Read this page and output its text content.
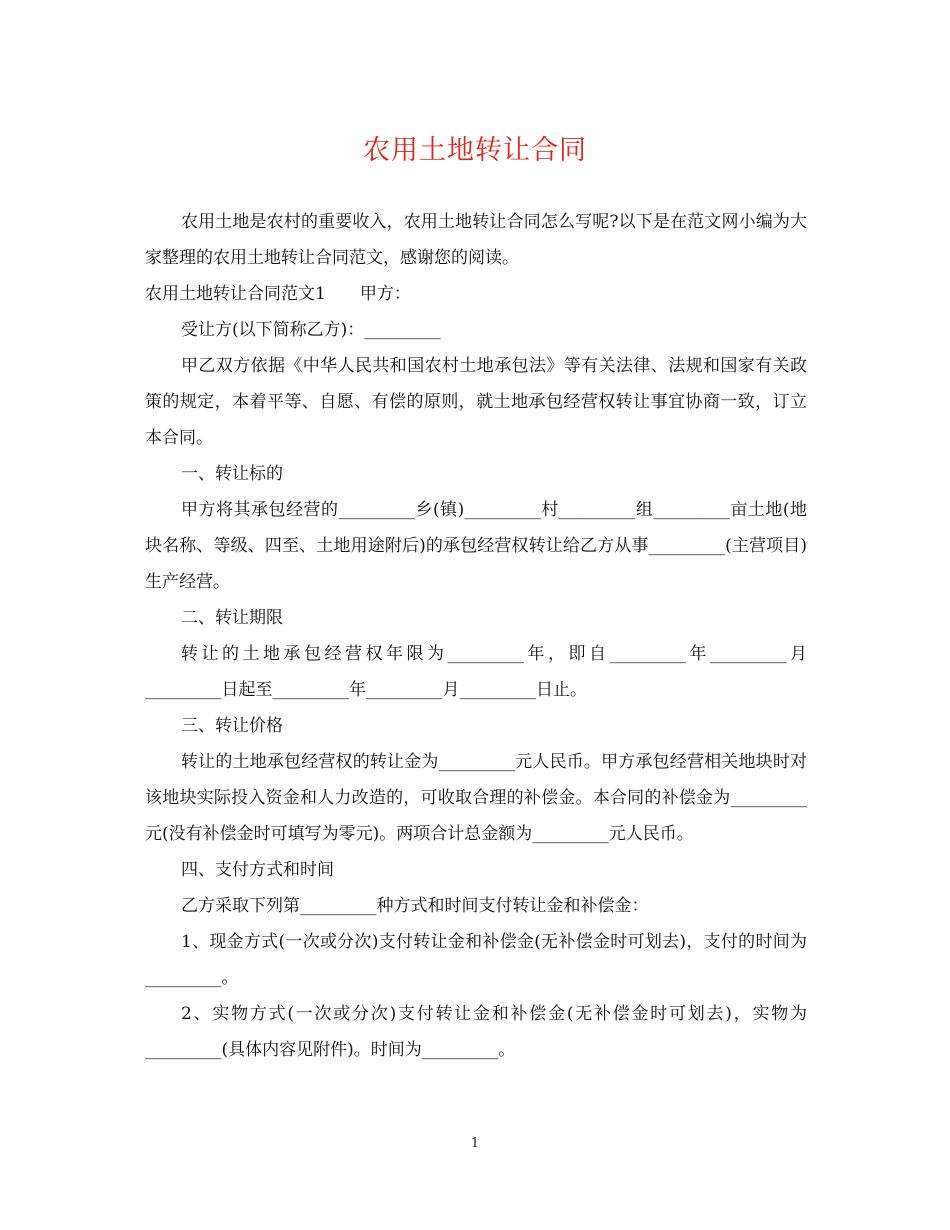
农用土地转让合同

农用土地是农村的重要收入，农用土地转让合同怎么写呢?以下是在范文网小编为大家整理的农用土地转让合同范文，感谢您的阅读。

农用土地转让合同范文1　　甲方：

受让方(以下简称乙方)：_________

甲乙双方依据《中华人民共和国农村土地承包法》等有关法律、法规和国家有关政策的规定，本着平等、自愿、有偿的原则，就土地承包经营权转让事宜协商一致，订立本合同。

一、转让标的

甲方将其承包经营的_________乡(镇)_________村_________组_________亩土地(地块名称、等级、四至、土地用途附后)的承包经营权转让给乙方从事_________(主营项目)生产经营。

二、转让期限

转让的土地承包经营权年限为_________年，即自_________年_________月_________日起至_________年_________月_________日止。

三、转让价格

转让的土地承包经营权的转让金为_________元人民币。甲方承包经营相关地块时对该地块实际投入资金和人力改造的，可收取合理的补偿金。本合同的补偿金为_________元(没有补偿金时可填写为零元)。两项合计总金额为_________元人民币。

四、支付方式和时间

乙方采取下列第_________种方式和时间支付转让金和补偿金：

1、现金方式(一次或分次)支付转让金和补偿金(无补偿金时可划去)，支付的时间为_________。

2、实物方式(一次或分次)支付转让金和补偿金(无补偿金时可划去)，实物为_________(具体内容见附件)。时间为_________。

1
